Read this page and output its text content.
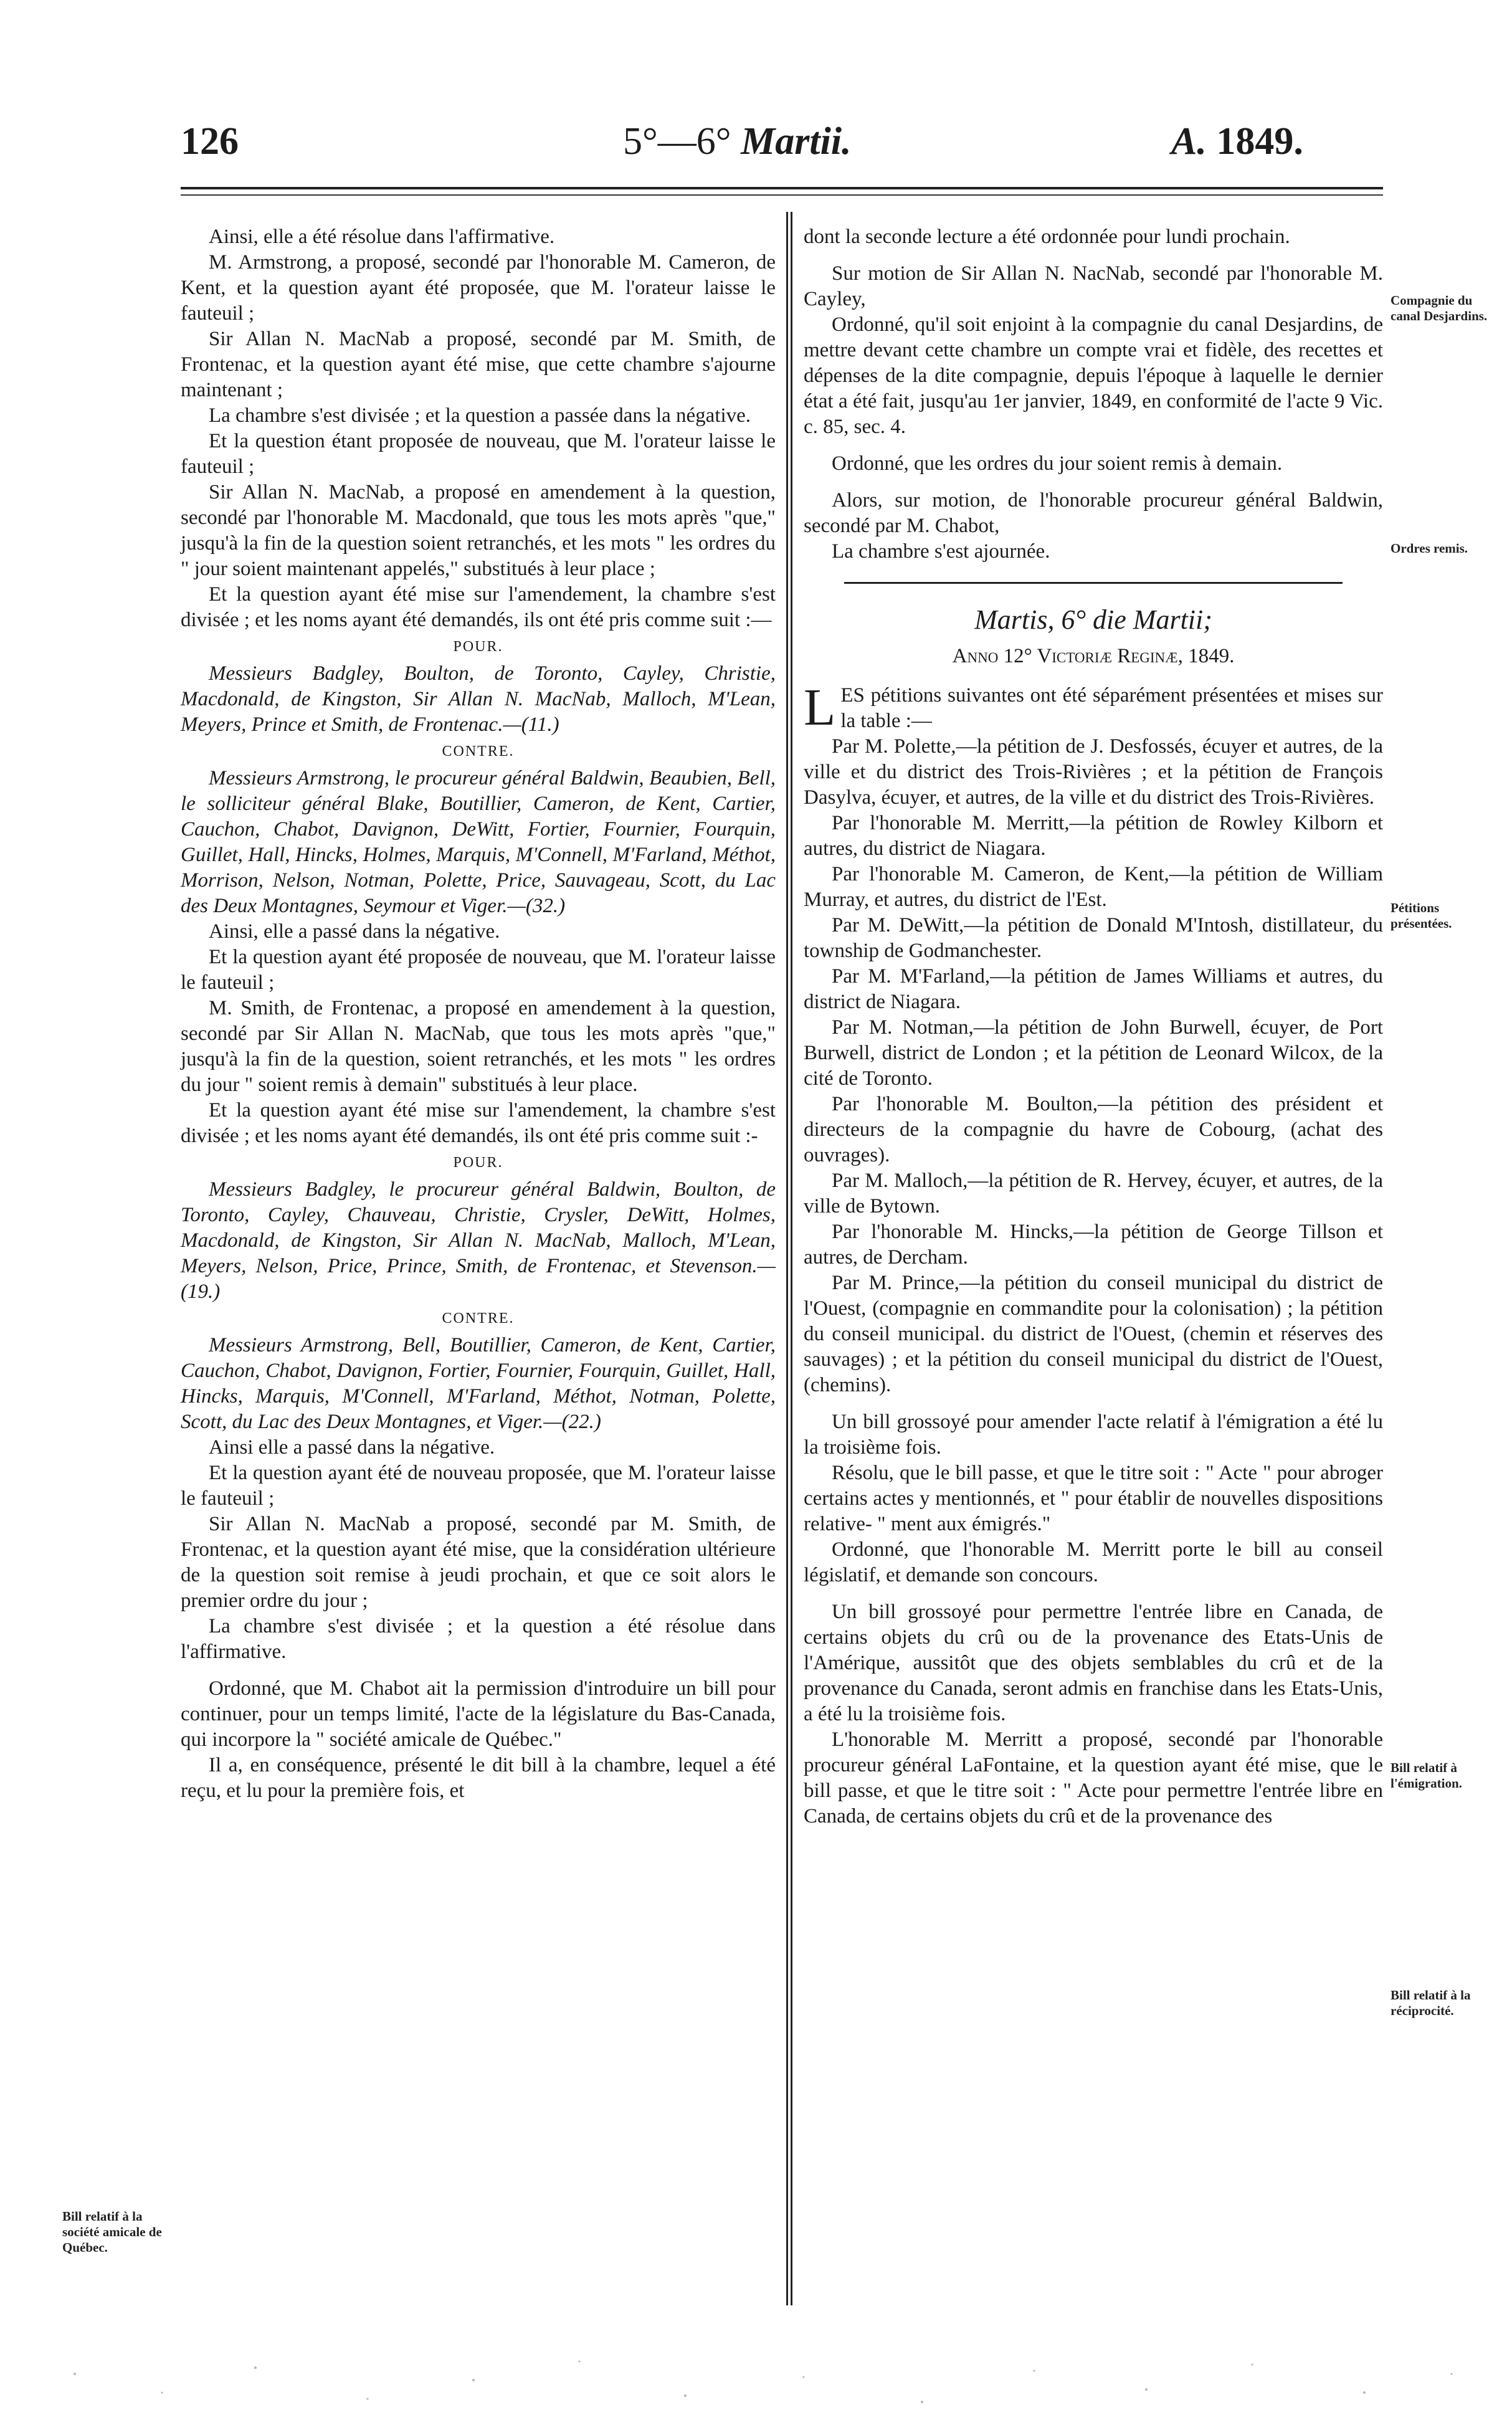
126	5°—6° Martii.	A. 1849.

Ainsi, elle a été résolue dans l'affirmative.

M. Armstrong, a proposé, secondé par l'honorable M. Cameron, de Kent, et la question ayant été proposée, que M. l'orateur laisse le fauteuil ;

Sir Allan N. MacNab a proposé, secondé par M. Smith, de Frontenac, et la question ayant été mise, que cette chambre s'ajourne maintenant ;

La chambre s'est divisée ; et la question a passée dans la négative.

Et la question étant proposée de nouveau, que M. l'orateur laisse le fauteuil ;

Sir Allan N. MacNab, a proposé en amendement à la question, secondé par l'honorable M. Macdonald, que tous les mots après "que," jusqu'à la fin de la question soient retranchés, et les mots " les ordres du " jour soient maintenant appelés," substitués à leur place ;

Et la question ayant été mise sur l'amendement, la chambre s'est divisée ; et les noms ayant été demandés, ils ont été pris comme suit :—

POUR.

Messieurs Badgley, Boulton, de Toronto, Cayley, Christie, Macdonald, de Kingston, Sir Allan N. MacNab, Malloch, M'Lean, Meyers, Prince et Smith, de Frontenac.—(11.)

CONTRE.

Messieurs Armstrong, le procureur général Baldwin, Beaubien, Bell, le solliciteur général Blake, Boutillier, Cameron, de Kent, Cartier, Cauchon, Chabot, Davignon, DeWitt, Fortier, Fournier, Fourquin, Guillet, Hall, Hincks, Holmes, Marquis, M'Connell, M'Farland, Méthot, Morrison, Nelson, Notman, Polette, Price, Sauvageau, Scott, du Lac des Deux Montagnes, Seymour et Viger.—(32.)

Ainsi, elle a passé dans la négative.

Et la question ayant été proposée de nouveau, que M. l'orateur laisse le fauteuil ;

M. Smith, de Frontenac, a proposé en amendement à la question, secondé par Sir Allan N. MacNab, que tous les mots après "que," jusqu'à la fin de la question, soient retranchés, et les mots " les ordres du jour " soient remis à demain" substitués à leur place.

Et la question ayant été mise sur l'amendement, la chambre s'est divisée ; et les noms ayant été demandés, ils ont été pris comme suit :-

POUR.

Messieurs Badgley, le procureur général Baldwin, Boulton, de Toronto, Cayley, Chauveau, Christie, Crysler, DeWitt, Holmes, Macdonald, de Kingston, Sir Allan N. MacNab, Malloch, M'Lean, Meyers, Nelson, Price, Prince, Smith, de Frontenac, et Stevenson.—(19.)

CONTRE.

Messieurs Armstrong, Bell, Boutillier, Cameron, de Kent, Cartier, Cauchon, Chabot, Davignon, Fortier, Fournier, Fourquin, Guillet, Hall, Hincks, Marquis, M'Connell, M'Farland, Méthot, Notman, Polette, Scott, du Lac des Deux Montagnes, et Viger.—(22.)

Ainsi elle a passé dans la négative.

Et la question ayant été de nouveau proposée, que M. l'orateur laisse le fauteuil ;

Sir Allan N. MacNab a proposé, secondé par M. Smith, de Frontenac, et la question ayant été mise, que la considération ultérieure de la question soit remise à jeudi prochain, et que ce soit alors le premier ordre du jour ;

La chambre s'est divisée ; et la question a été résolue dans l'affirmative.

Ordonné, que M. Chabot ait la permission d'introduire un bill pour continuer, pour un temps limité, l'acte de la législature du Bas-Canada, qui incorpore la " société amicale de Québec."

Il a, en conséquence, présenté le dit bill à la chambre, lequel a été reçu, et lu pour la première fois, et

dont la seconde lecture a été ordonnée pour lundi prochain.

Sur motion de Sir Allan N. NacNab, secondé par l'honorable M. Cayley,

Ordonné, qu'il soit enjoint à la compagnie du canal Desjardins, de mettre devant cette chambre un compte vrai et fidèle, des recettes et dépenses de la dite compagnie, depuis l'époque à laquelle le dernier état a été fait, jusqu'au 1er janvier, 1849, en conformité de l'acte 9 Vic. c. 85, sec. 4.

Ordonné, que les ordres du jour soient remis à demain.

Alors, sur motion, de l'honorable procureur général Baldwin, secondé par M. Chabot,

La chambre s'est ajournée.

Martis, 6° die Martii;

Anno 12° Victoriæ Reginæ, 1849.

LES pétitions suivantes ont été séparément présentées et mises sur la table :—

Par M. Polette,—la pétition de J. Desfossés, écuyer et autres, de la ville et du district des Trois-Rivières ; et la pétition de François Dasylva, écuyer, et autres, de la ville et du district des Trois-Rivières.

Par l'honorable M. Merritt,—la pétition de Rowley Kilborn et autres, du district de Niagara.

Par l'honorable M. Cameron, de Kent,—la pétition de William Murray, et autres, du district de l'Est.

Par M. DeWitt,—la pétition de Donald M'Intosh, distillateur, du township de Godmanchester.

Par M. M'Farland,—la pétition de James Williams et autres, du district de Niagara.

Par M. Notman,—la pétition de John Burwell, écuyer, de Port Burwell, district de London ; et la pétition de Leonard Wilcox, de la cité de Toronto.

Par l'honorable M. Boulton,—la pétition des président et directeurs de la compagnie du havre de Cobourg, (achat des ouvrages).

Par M. Malloch,—la pétition de R. Hervey, écuyer, et autres, de la ville de Bytown.

Par l'honorable M. Hincks,—la pétition de George Tillson et autres, de Dercham.

Par M. Prince,—la pétition du conseil municipal du district de l'Ouest, (compagnie en commandite pour la colonisation) ; la pétition du conseil municipal. du district de l'Ouest, (chemin et réserves des sauvages) ; et la pétition du conseil municipal du district de l'Ouest, (chemins).

Un bill grossoyé pour amender l'acte relatif à l'émigration a été lu la troisième fois.

Résolu, que le bill passe, et que le titre soit : " Acte " pour abroger certains actes y mentionnés, et " pour établir de nouvelles dispositions relative- " ment aux émigrés."

Ordonné, que l'honorable M. Merritt porte le bill au conseil législatif, et demande son concours.

Un bill grossoyé pour permettre l'entrée libre en Canada, de certains objets du crû ou de la provenance des Etats-Unis de l'Amérique, aussitôt que des objets semblables du crû et de la provenance du Canada, seront admis en franchise dans les Etats-Unis, a été lu la troisième fois.

L'honorable M. Merritt a proposé, secondé par l'honorable procureur général LaFontaine, et la question ayant été mise, que le bill passe, et que le titre soit : " Acte pour permettre l'entrée libre en Canada, de certains objets du crû et de la provenance des

Compagnie du canal Desjardins.
Ordres remis.
Pétitions présentées.
Bill relatif à l'émigration.
Bill relatif à la réciprocité.
Bill relatif à la société amicale de Québec.
